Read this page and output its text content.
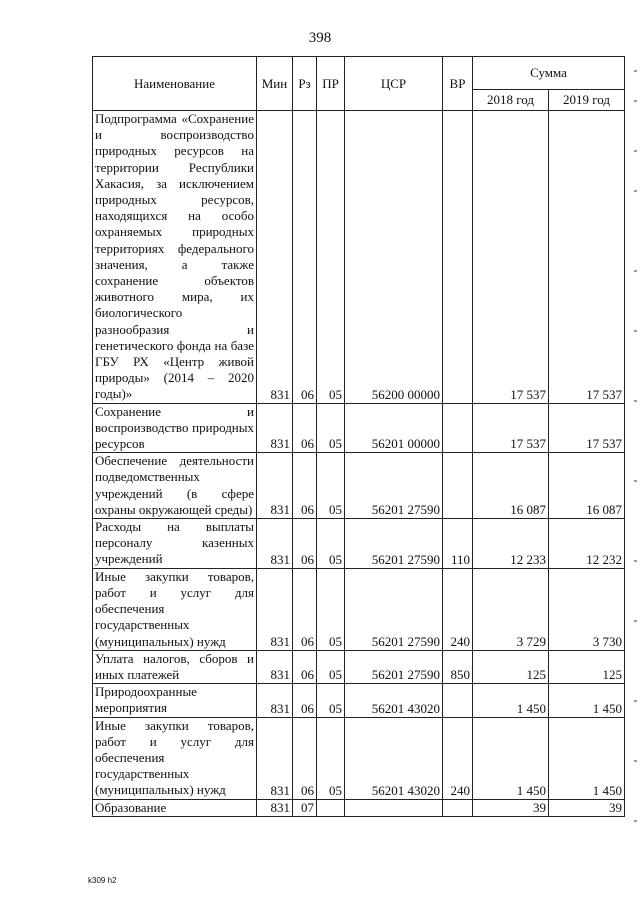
398
Наименование	Мин	Рз	ПР	ЦСР	ВР	Сумма	
						2018 год	2019 год
Подпрограмма «Сохранение и воспроизводство природных ресурсов на территории Республики Хакасия, за исключением природных ресурсов, находящихся на особо охраняемых природных территориях федерального значения, а также сохранение объектов животного мира, их биологического разнообразия и генетического фонда на базе ГБУ РХ «Центр живой природы» (2014 – 2020 годы)»	831	06	05	56200 00000		17 537	17 537
Сохранение и воспроизводство природных ресурсов	831	06	05	56201 00000		17 537	17 537
Обеспечение деятельности подведомственных учреждений (в сфере охраны окружающей среды)	831	06	05	56201 27590		16 087	16 087
Расходы на выплаты персоналу казенных учреждений	831	06	05	56201 27590	110	12 233	12 232
Иные закупки товаров, работ и услуг для обеспечения государственных (муниципальных) нужд	831	06	05	56201 27590	240	3 729	3 730
Уплата налогов, сборов и иных платежей	831	06	05	56201 27590	850	125	125
Природоохранные мероприятия	831	06	05	56201 43020		1 450	1 450
Иные закупки товаров, работ и услуг для обеспечения государственных (муниципальных) нужд	831	06	05	56201 43020	240	1 450	1 450
Образование	831	07				39	39
k309 h2
